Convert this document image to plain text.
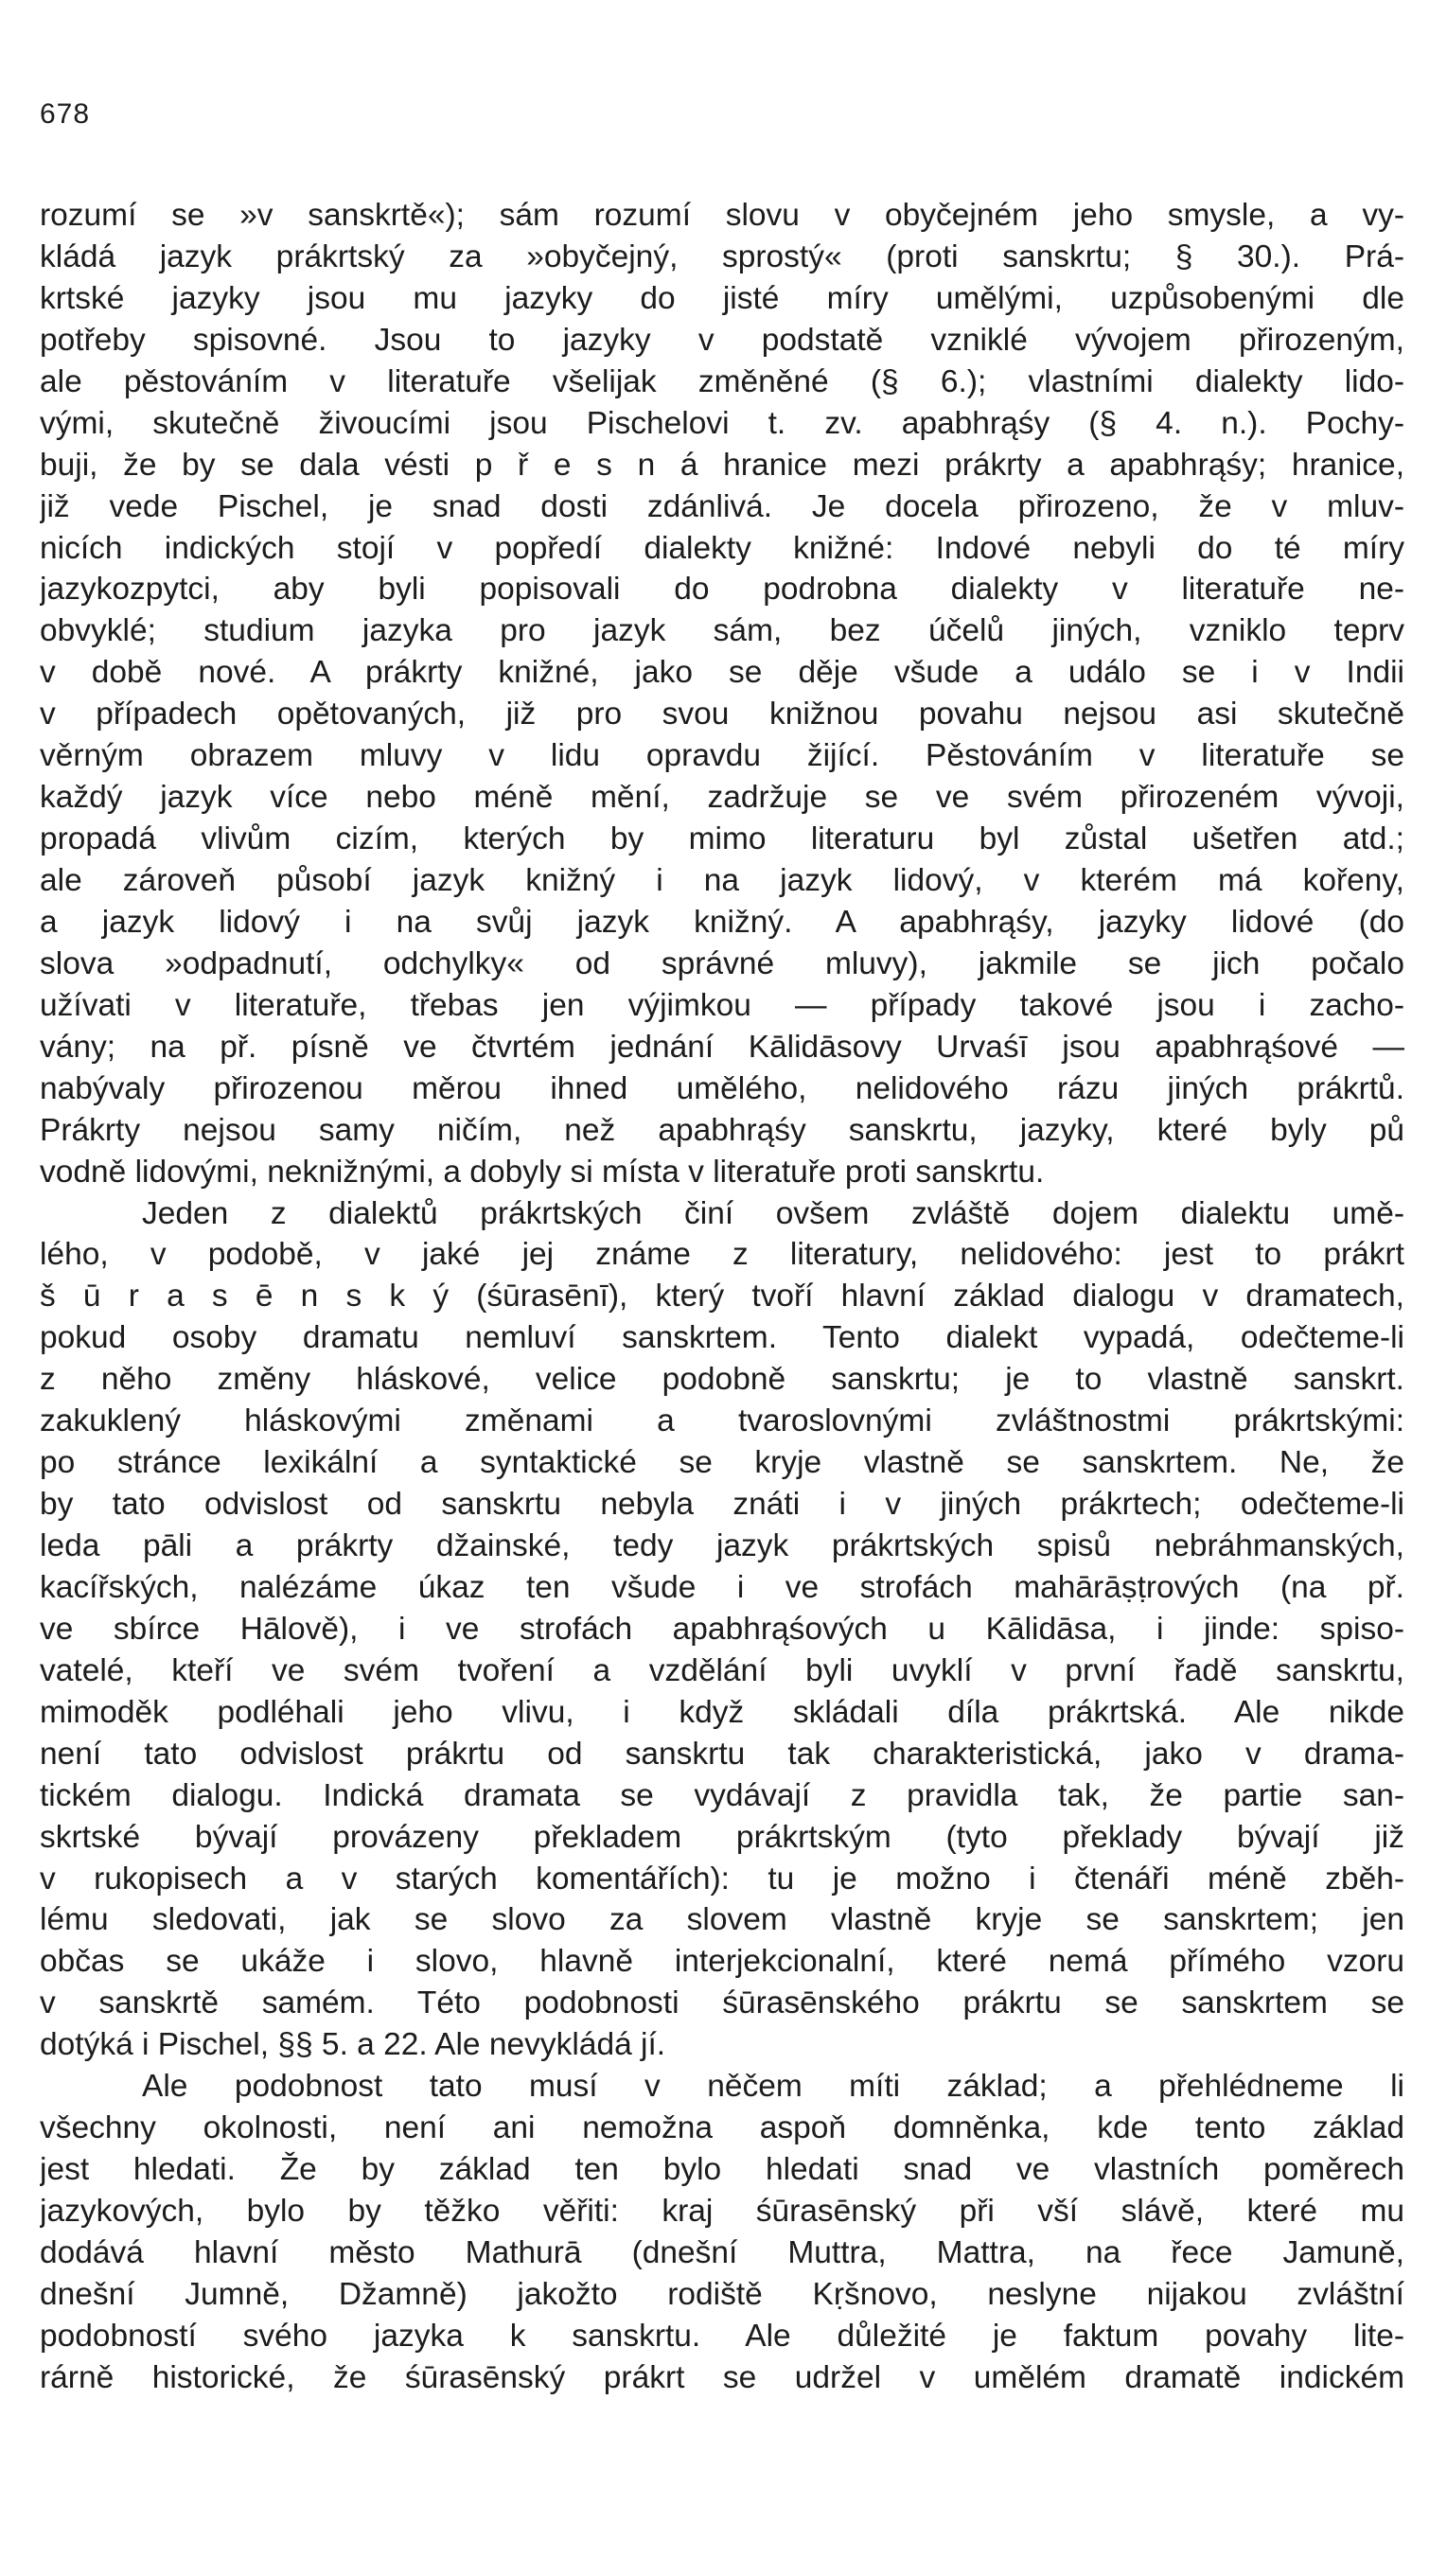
678
rozumí se »v sanskrtě«); sám rozumí slovu v obyčejném jeho smysle, a vy-
kládá jazyk prákrtský za »obyčejný, sprostý« (proti sanskrtu; § 30.). Prá-
krtské jazyky jsou mu jazyky do jisté míry umělými, uzpůsobenými dle
potřeby spisovné. Jsou to jazyky v podstatě vzniklé vývojem přirozeným,
ale pěstováním v literatuře všelijak změněné (§ 6.); vlastními dialekty lido-
vými, skutečně živoucími jsou Pischelovi t. zv. apabhrąśy (§ 4. n.). Pochy-
buji, že by se dala vésti p ř e s n á hranice mezi prákrty a apabhrąśy; hranice,
již vede Pischel, je snad dosti zdánlivá. Je docela přirozeno, že v mluv-
nicích indických stojí v popředí dialekty knižné: Indové nebyli do té míry
jazykozpytci, aby byli popisovali do podrobna dialekty v literatuře ne-
obvyklé; studium jazyka pro jazyk sám, bez účelů jiných, vzniklo teprv
v době nové. A prákrty knižné, jako se děje všude a událo se i v Indii
v případech opětovaných, již pro svou knižnou povahu nejsou asi skutečně
věrným obrazem mluvy v lidu opravdu žijící. Pěstováním v literatuře se
každý jazyk více nebo méně mění, zadržuje se ve svém přirozeném vývoji,
propadá vlivům cizím, kterých by mimo literaturu byl zůstal ušetřen atd.;
ale zároveň působí jazyk knižný i na jazyk lidový, v kterém má kořeny,
a jazyk lidový i na svůj jazyk knižný. A apabhrąśy, jazyky lidové (do
slova »odpadnutí, odchylky« od správné mluvy), jakmile se jich počalo
užívati v literatuře, třebas jen výjimkou — případy takové jsou i zacho-
vány; na př. písně ve čtvrtém jednání Kālidāsovy Urvaśī jsou apabhrąśové —
nabývaly přirozenou měrou ihned umělého, nelidového rázu jiných prákrtů.
Prákrty nejsou samy ničím, než apabhrąśy sanskrtu, jazyky, které byly pů
vodně lidovými, neknižnými, a dobyly si místa v literatuře proti sanskrtu.
Jeden z dialektů prákrtských činí ovšem zvláště dojem dialektu umě-
lého, v podobě, v jaké jej známe z literatury, nelidového: jest to prákrt
š ū r a s ē n s k ý (śūrasēnī), který tvoří hlavní základ dialogu v dramatech,
pokud osoby dramatu nemluví sanskrtem. Tento dialekt vypadá, odečteme-li
z něho změny hláskové, velice podobně sanskrtu; je to vlastně sanskrt.
zakuklený hláskovými změnami a tvaroslovnými zvláštnostmi prákrtskými:
po stránce lexikální a syntaktické se kryje vlastně se sanskrtem. Ne, že
by tato odvislost od sanskrtu nebyla znáti i v jiných prákrtech; odečteme-li
leda pāli a prákrty džainské, tedy jazyk prákrtských spisů nebráhmanských,
kacířských, nalézáme úkaz ten všude i ve strofách mahārāṣṭrových (na př.
ve sbírce Hālově), i ve strofách apabhrąśových u Kālidāsa, i jinde: spiso-
vatelé, kteří ve svém tvoření a vzdělání byli uvyklí v první řadě sanskrtu,
mimoděk podléhali jeho vlivu, i když skládali díla prákrtská. Ale nikde
není tato odvislost prákrtu od sanskrtu tak charakteristická, jako v drama-
tickém dialogu. Indická dramata se vydávají z pravidla tak, že partie san-
skrtské bývají provázeny překladem prákrtským (tyto překlady bývají již
v rukopisech a v starých komentářích): tu je možno i čtenáři méně zběh-
lému sledovati, jak se slovo za slovem vlastně kryje se sanskrtem; jen
občas se ukáže i slovo, hlavně interjekcionalní, které nemá přímého vzoru
v sanskrtě samém. Této podobnosti śūrasēnského prákrtu se sanskrtem se
dotýká i Pischel, §§ 5. a 22. Ale nevykládá jí.
Ale podobnost tato musí v něčem míti základ; a přehlédneme li
všechny okolnosti, není ani nemožna aspoň domněnka, kde tento základ
jest hledati. Že by základ ten bylo hledati snad ve vlastních poměrech
jazykových, bylo by těžko věřiti: kraj śūrasēnský při vší slávě, které mu
dodává hlavní město Mathurā (dnešní Muttra, Mattra, na řece Jamuně,
dnešní Jumně, Džamně) jakožto rodiště Kṛšnovo, neslyne nijakou zvláštní
podobností svého jazyka k sanskrtu. Ale důležité je faktum povahy lite-
rárně historické, že śūrasēnský prákrt se udržel v umělém dramatě indickém
